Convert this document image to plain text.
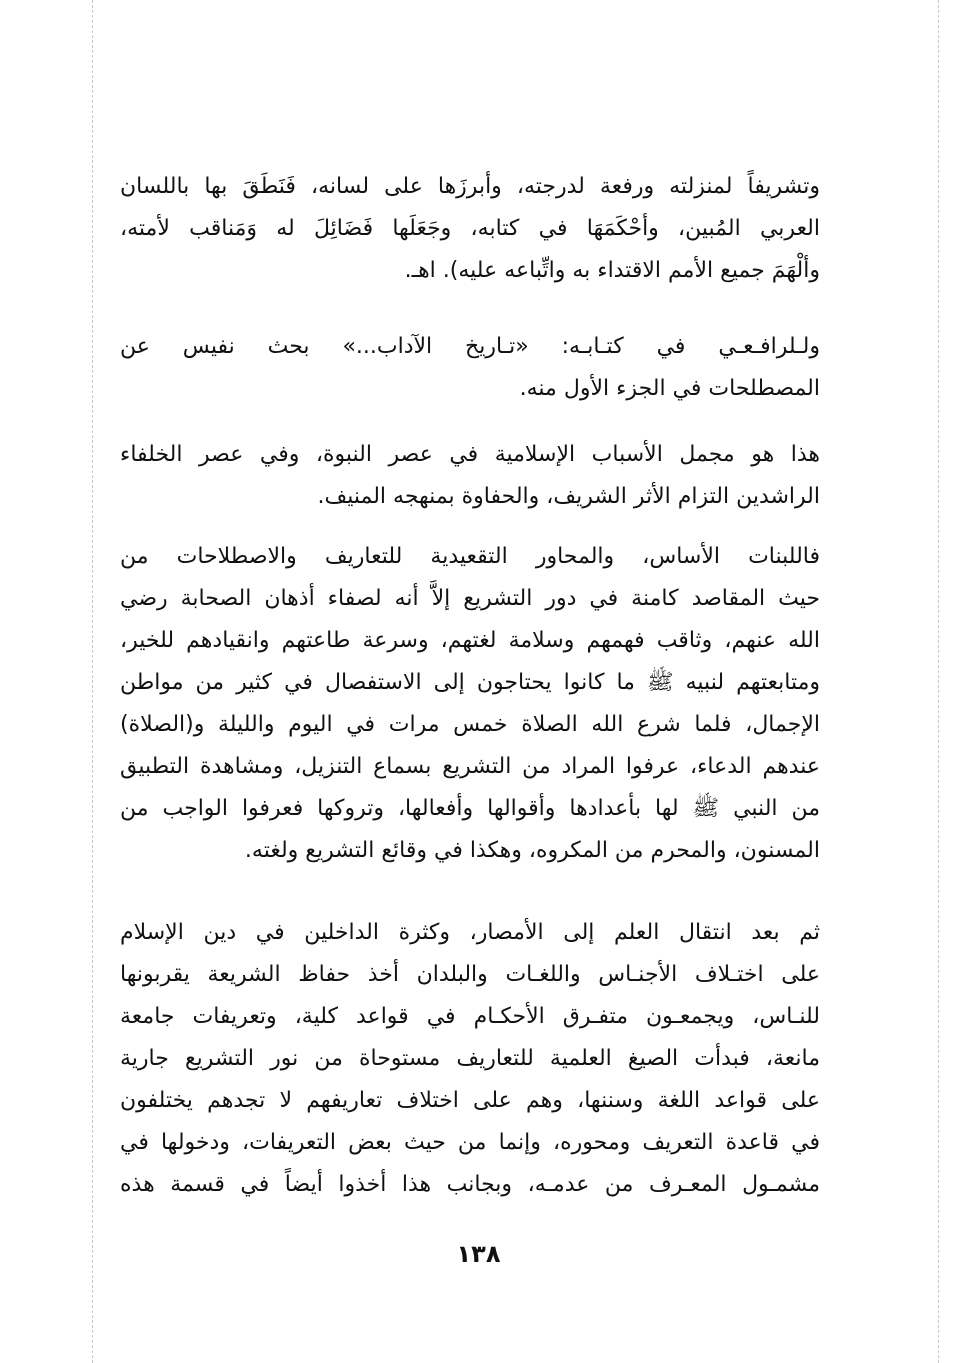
وتشريفاً لمنزلته ورفعة لدرجته، وأبرزَها على لسانه، فَنَطَقَ بها باللسان
العربي المُبين، وأحْكَمَهَا في كتابه، وجَعَلَها فَضَائِلَ له وَمَناقب لأمته،
وألْهَمَ جميع الأمم الاقتداء به واتِّباعه عليه). اهـ.
ولـلرافـعـي في كتـابـه: «تـاريخ الآداب...» بحث نفيس عن
المصطلحات في الجزء الأول منه.
هذا هو مجمل الأسباب الإسلامية في عصر النبوة، وفي عصر الخلفاء
الراشدين التزام الأثر الشريف، والحفاوة بمنهجه المنيف.
فاللبنات الأساس، والمحاور التقعيدية للتعاريف والاصطلاحات من
حيث المقاصد كامنة في دور التشريع إلاَّ أنه لصفاء أذهان الصحابة رضي
الله عنهم، وثاقب فهمهم وسلامة لغتهم، وسرعة طاعتهم وانقيادهم للخير،
ومتابعتهم لنبيه ﷺ ما كانوا يحتاجون إلى الاستفصال في كثير من مواطن
الإجمال، فلما شرع الله الصلاة خمس مرات في اليوم والليلة و(الصلاة)
عندهم الدعاء، عرفوا المراد من التشريع بسماع التنزيل، ومشاهدة التطبيق
من النبي ﷺ لها بأعدادها وأقوالها وأفعالها، وتروكها فعرفوا الواجب من
المسنون، والمحرم من المكروه، وهكذا في وقائع التشريع ولغته.
ثم بعد انتقال العلم إلى الأمصار، وكثرة الداخلين في دين الإسلام
على اختـلاف الأجنـاس واللغـات والبلدان أخذ حفاظ الشريعة يقربونها
للنـاس، ويجمعـون متفـرق الأحكـام في قواعد كلية، وتعريفات جامعة
مانعة، فبدأت الصيغ العلمية للتعاريف مستوحاة من نور التشريع جارية
على قواعد اللغة وسننها، وهم على اختلاف تعاريفهم لا تجدهم يختلفون
في قاعدة التعريف ومحوره، وإنما من حيث بعض التعريفات، ودخولها في
مشمـول المعـرف من عدمـه، وبجانب هذا أخذوا أيضاً في قسمة هذه
١٣٨
